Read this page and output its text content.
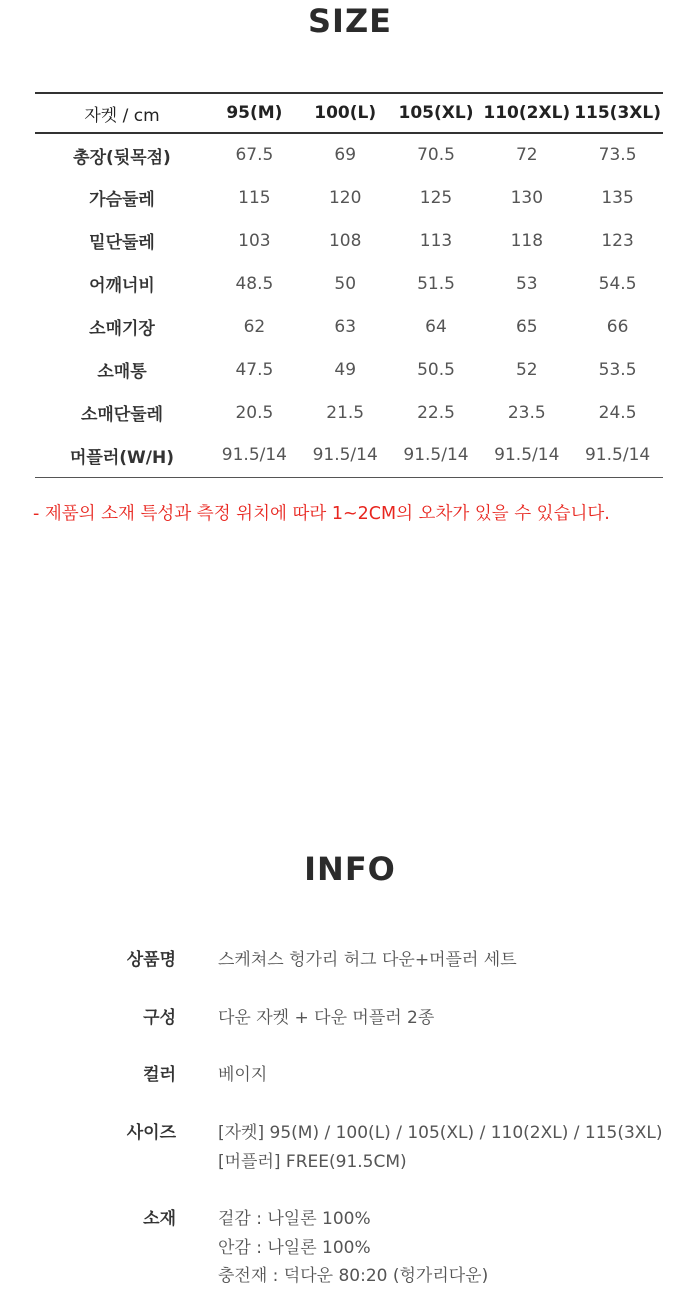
SIZE
자켓 / cm	95(M)	100(L)	105(XL)	110(2XL)	115(3XL)
총장(뒷목점)	67.5	69	70.5	72	73.5
가슴둘레	115	120	125	130	135
밑단둘레	103	108	113	118	123
어깨너비	48.5	50	51.5	53	54.5
소매기장	62	63	64	65	66
소매통	47.5	49	50.5	52	53.5
소매단둘레	20.5	21.5	22.5	23.5	24.5
머플러(W/H)	91.5/14	91.5/14	91.5/14	91.5/14	91.5/14
- 제품의 소재 특성과 측정 위치에 따라 1~2CM의 오차가 있을 수 있습니다.
INFO
상품명 스케쳐스 헝가리 허그 다운+머플러 세트
구성 다운 자켓 + 다운 머플러 2종
컬러 베이지
사이즈 [자켓] 95(M) / 100(L) / 105(XL) / 110(2XL) / 115(3XL)
[머플러] FREE(91.5CM)
소재 겉감 : 나일론 100%
안감 : 나일론 100%
충전재 : 덕다운 80:20 (헝가리다운)
